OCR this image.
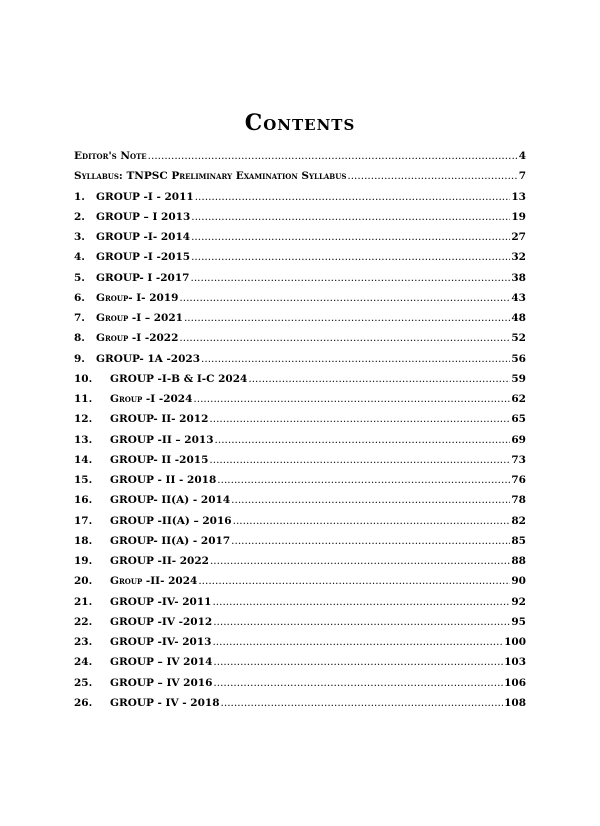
Contents
Editor's Note .....	4
Syllabus: TNPSC Preliminary Examination Syllabus .....	7
1.	GROUP -I - 2011 .....	13
2.	GROUP – I 2013 .....	19
3.	GROUP -I- 2014 .....	27
4.	GROUP -I -2015 .....	32
5.	GROUP- I -2017 .....	38
6.	Group- I- 2019 .....	43
7.	Group -I – 2021 .....	48
8.	Group -I -2022 .....	52
9.	GROUP- 1A -2023 .....	56
10.	GROUP -I-B & I-C 2024 .....	59
11.	Group -I -2024 .....	62
12.	GROUP- II- 2012 .....	65
13.	GROUP -II – 2013 .....	69
14.	GROUP- II -2015 .....	73
15.	GROUP - II - 2018 .....	76
16.	GROUP- II(A) - 2014 .....	78
17.	GROUP -II(A) – 2016 .....	82
18.	GROUP- II(A) - 2017 .....	85
19.	GROUP -II- 2022 .....	88
20.	Group -II- 2024 .....	90
21.	GROUP -IV- 2011 .....	92
22.	GROUP -IV -2012 .....	95
23.	GROUP -IV- 2013 .....	100
24.	GROUP – IV 2014 .....	103
25.	GROUP – IV 2016 .....	106
26.	GROUP - IV - 2018 .....	108
